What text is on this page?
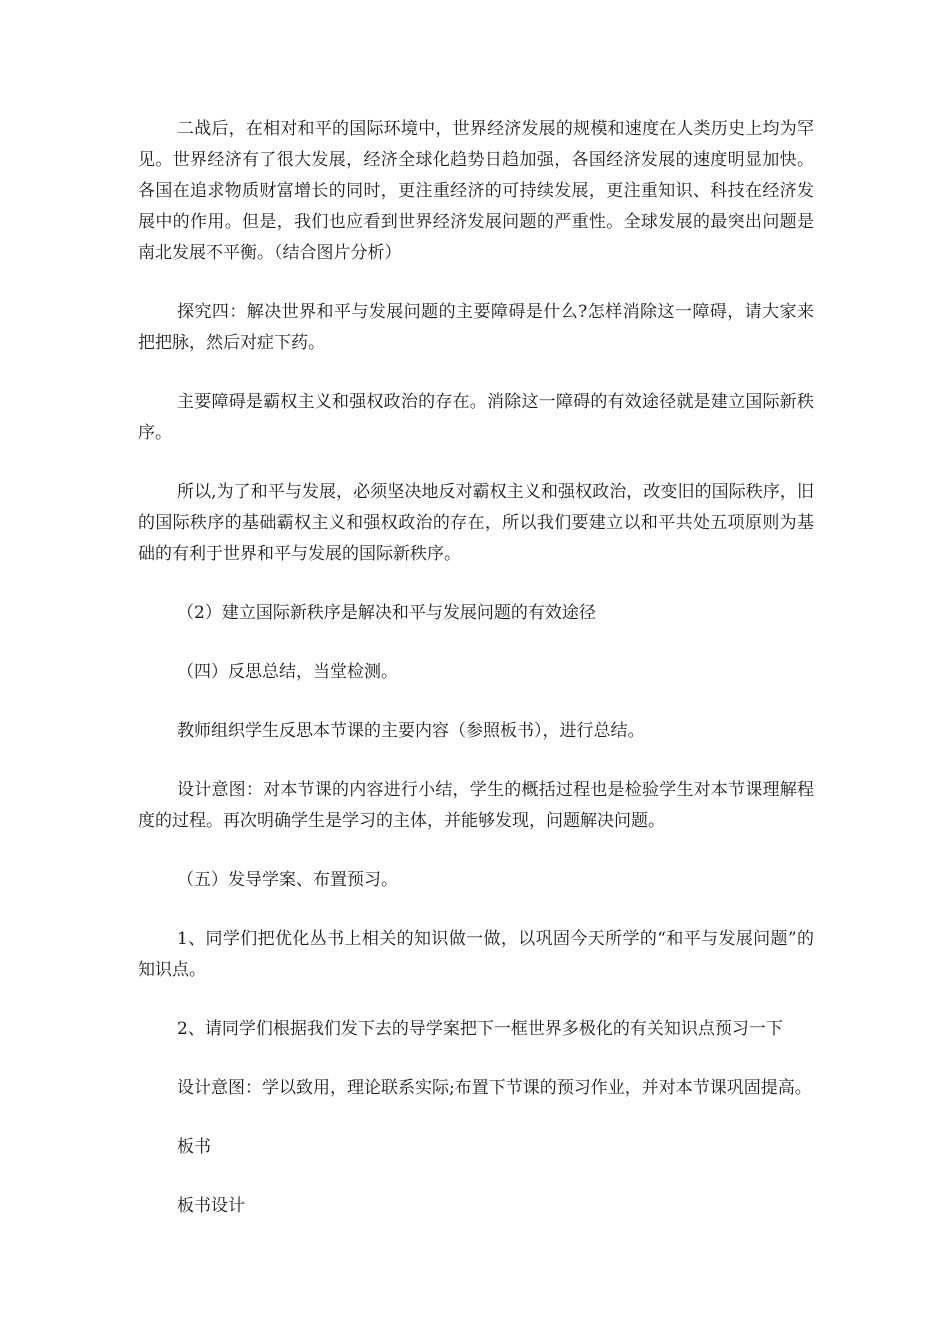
二战后，在相对和平的国际环境中，世界经济发展的规模和速度在人类历史上均为罕见。世界经济有了很大发展，经济全球化趋势日趋加强，各国经济发展的速度明显加快。各国在追求物质财富增长的同时，更注重经济的可持续发展，更注重知识、科技在经济发展中的作用。但是，我们也应看到世界经济发展问题的严重性。全球发展的最突出问题是南北发展不平衡。（结合图片分析）

探究四：解决世界和平与发展问题的主要障碍是什么?怎样消除这一障碍，请大家来把把脉，然后对症下药。

主要障碍是霸权主义和强权政治的存在。消除这一障碍的有效途径就是建立国际新秩序。

所以,为了和平与发展，必须坚决地反对霸权主义和强权政治，改变旧的国际秩序，旧的国际秩序的基础霸权主义和强权政治的存在，所以我们要建立以和平共处五项原则为基础的有利于世界和平与发展的国际新秩序。

（2）建立国际新秩序是解决和平与发展问题的有效途径

（四）反思总结，当堂检测。

教师组织学生反思本节课的主要内容（参照板书），进行总结。

设计意图：对本节课的内容进行小结，学生的概括过程也是检验学生对本节课理解程度的过程。再次明确学生是学习的主体，并能够发现，问题解决问题。

（五）发导学案、布置预习。

1、同学们把优化丛书上相关的知识做一做，以巩固今天所学的“和平与发展问题”的知识点。

2、请同学们根据我们发下去的导学案把下一框世界多极化的有关知识点预习一下

设计意图：学以致用，理论联系实际;布置下节课的预习作业，并对本节课巩固提高。

板书

板书设计
